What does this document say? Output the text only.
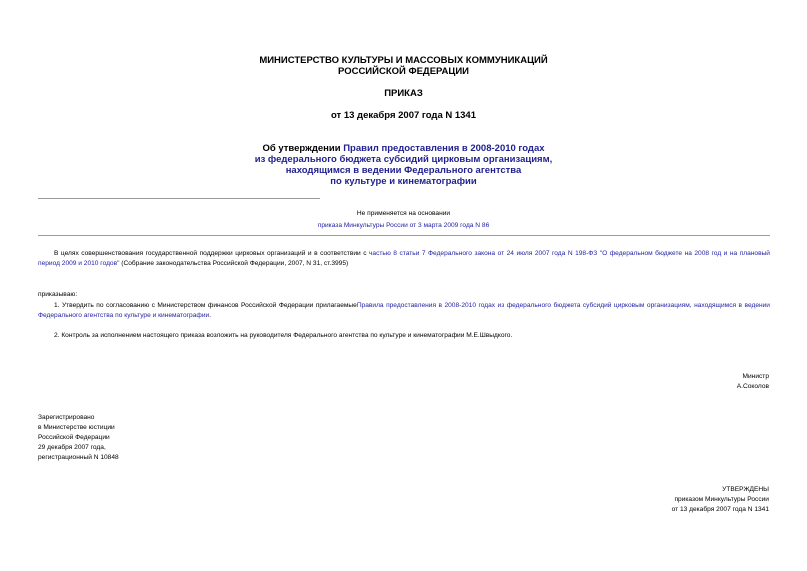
МИНИСТЕРСТВО КУЛЬТУРЫ И МАССОВЫХ КОММУНИКАЦИЙ
РОССИЙСКОЙ ФЕДЕРАЦИИ
ПРИКАЗ
от 13 декабря 2007 года N 1341
Об утверждении Правил предоставления в 2008-2010 годах
из федерального бюджета субсидий цирковым организациям,
находящимся в ведении Федерального агентства
по культуре и кинематографии
Не применяется на основании
приказа Минкультуры России от 3 марта 2009 года N 86
В целях совершенствования государственной поддержки цирковых организаций и в соответствии с частью 8 статьи 7 Федерального закона от 24 июля 2007 года N 198-ФЗ "О федеральном бюджете на 2008 год и на плановый период 2009 и 2010 годов" (Собрание законодательства Российской Федерации, 2007, N 31, ст.3995)
приказываю:
1. Утвердить по согласованию с Министерством финансов Российской Федерации прилагаемыеПравила предоставления в 2008-2010 годах из федерального бюджета субсидий цирковым организациям, находящимся в ведении Федерального агентства по культуре и кинематографии.
2. Контроль за исполнением настоящего приказа возложить на руководителя Федерального агентства по культуре и кинематографии М.Е.Швыдкого.
Министр
А.Соколов
Зарегистрировано
в Министерстве юстиции
Российской Федерации
29 декабря 2007 года,
регистрационный N 10848
УТВЕРЖДЕНЫ
приказом Минкультуры России
от 13 декабря 2007 года N 1341
